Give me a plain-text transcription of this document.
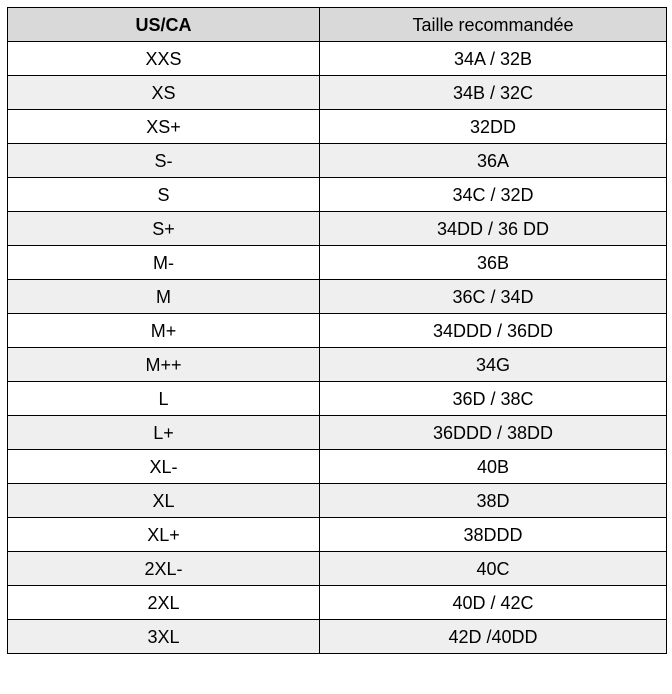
US/CA	Taille recommandée
XXS	34A / 32B
XS	34B / 32C
XS+	32DD
S-	36A
S	34C / 32D
S+	34DD / 36 DD
M-	36B
M	36C / 34D
M+	34DDD / 36DD
M++	34G
L	36D / 38C
L+	36DDD / 38DD
XL-	40B
XL	38D
XL+	38DDD
2XL-	40C
2XL	40D / 42C
3XL	42D /40DD
